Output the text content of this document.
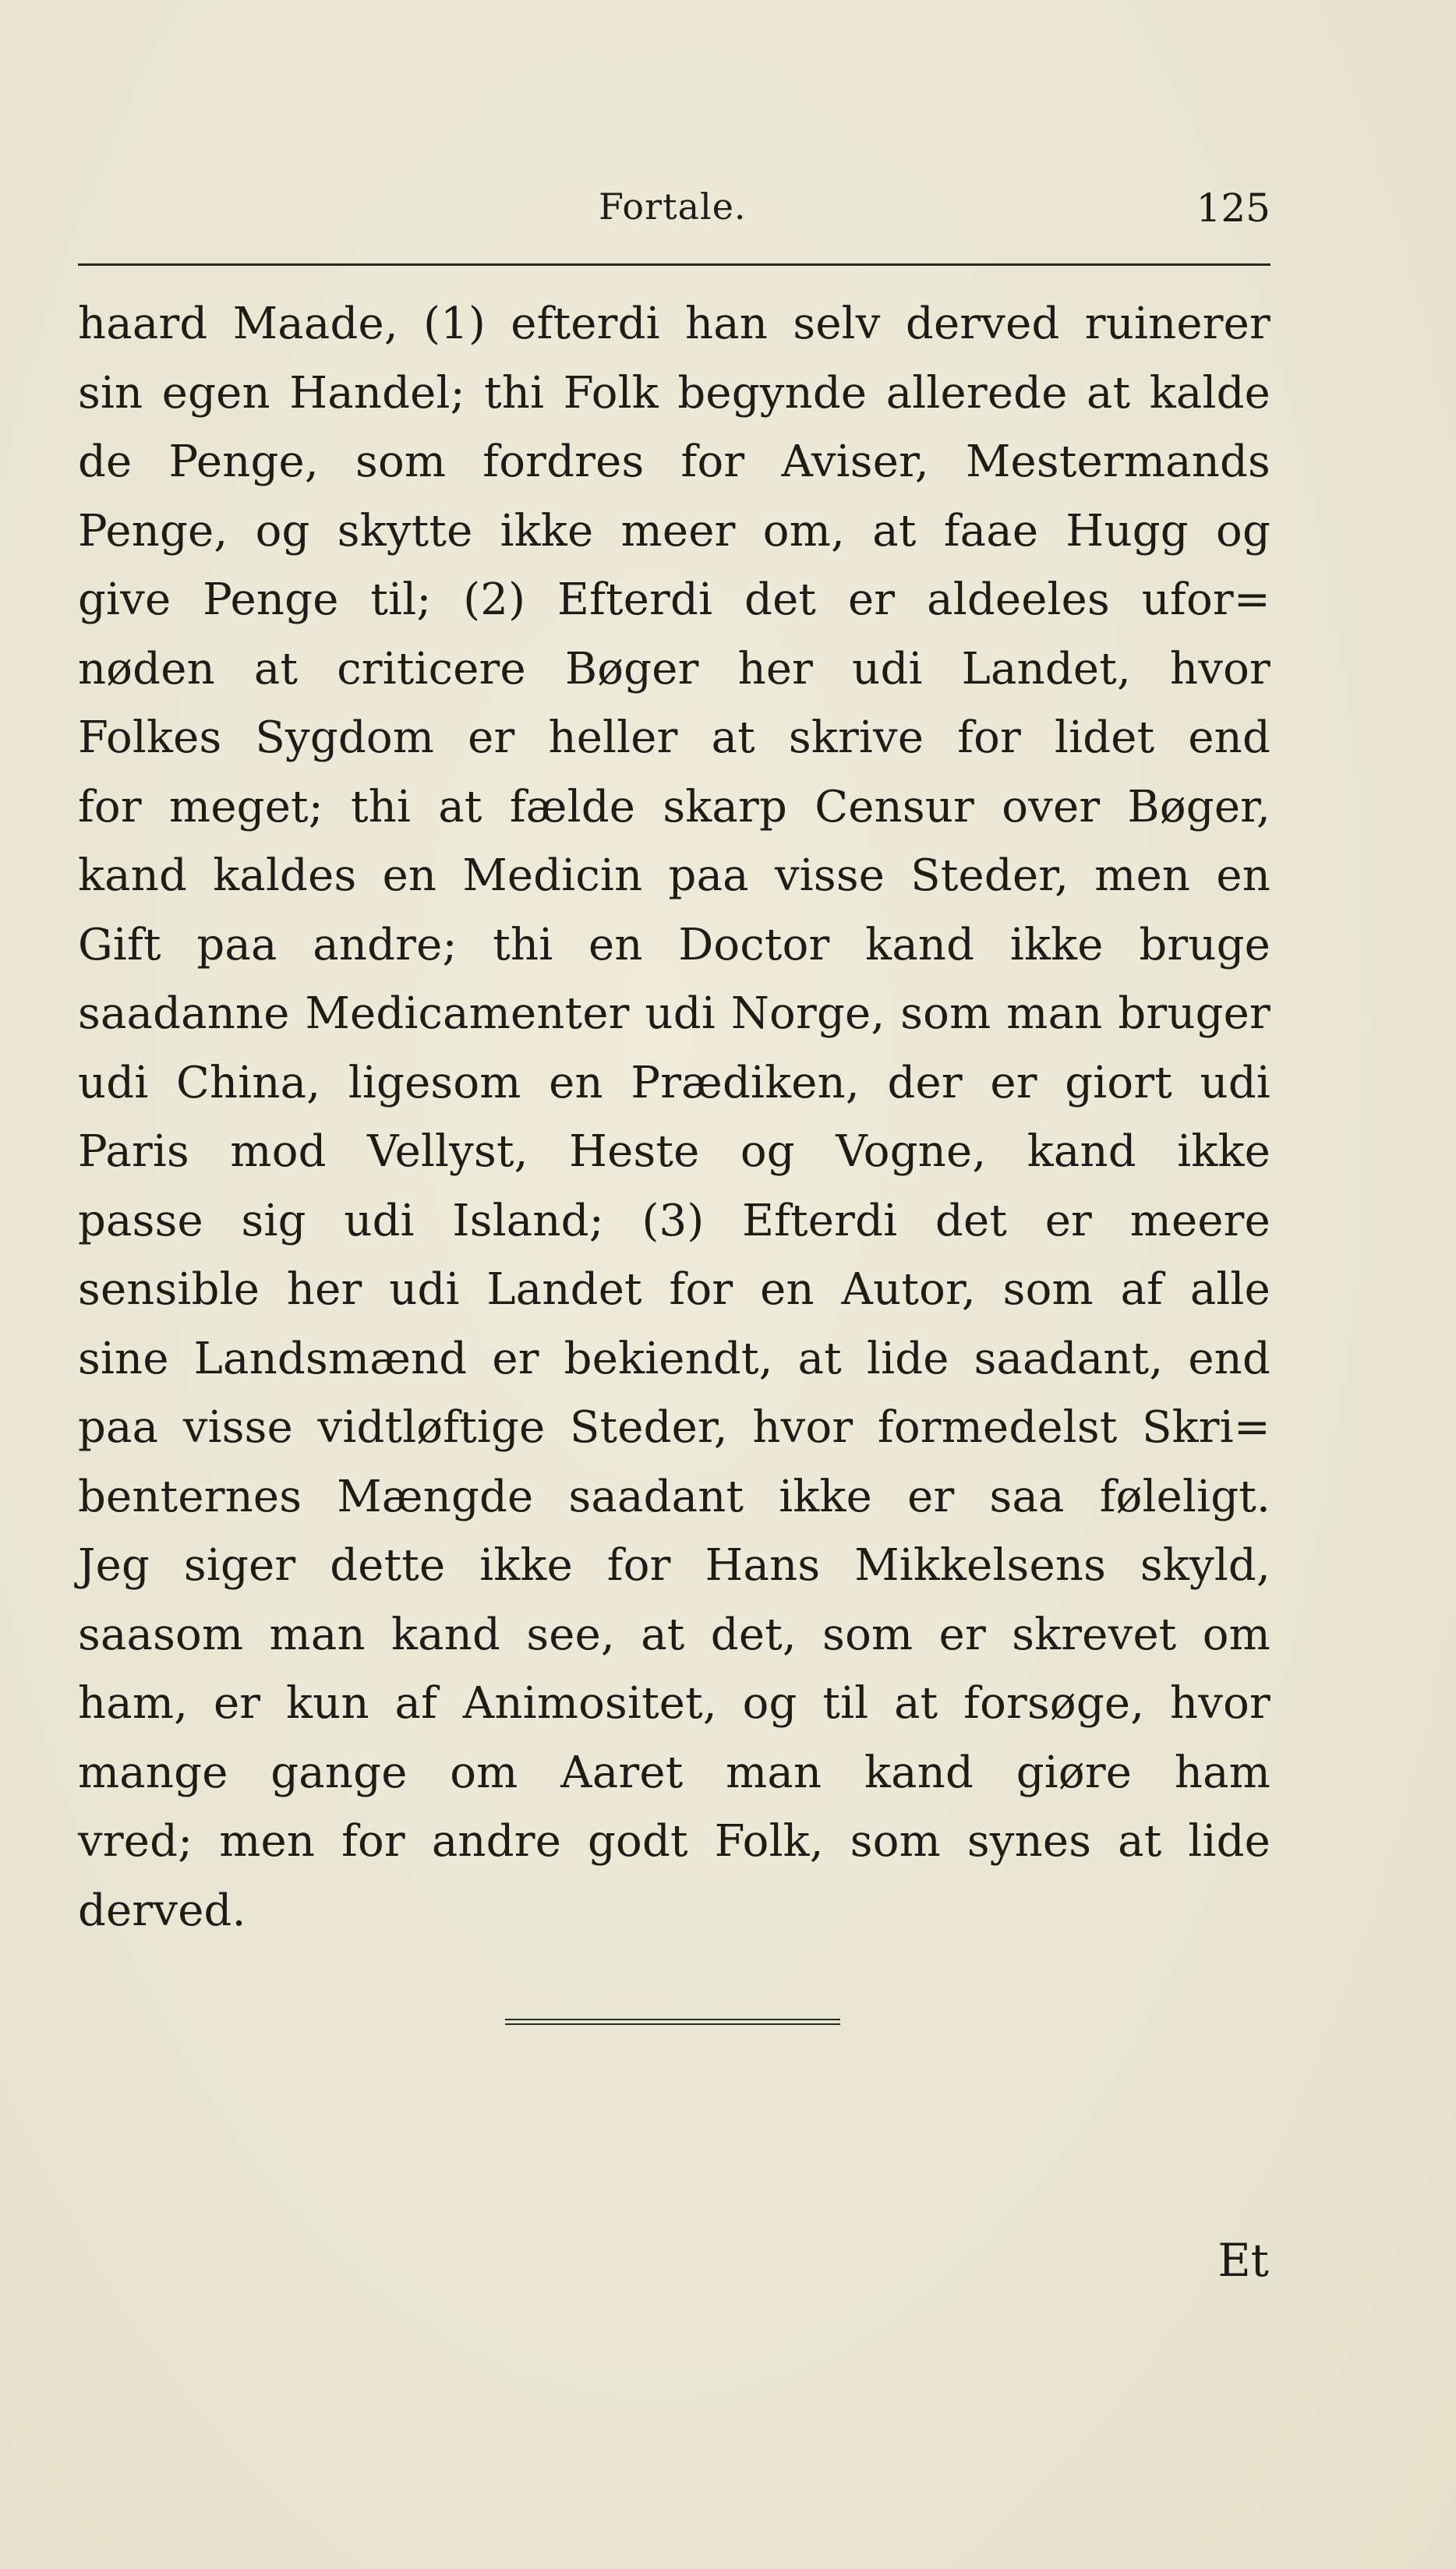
Fortale.	125
haard Maade, (1) efterdi han selv derved ruinerer
sin egen Handel; thi Folk begynde allerede at kalde
de Penge, som fordres for Aviser, Mestermands
Penge, og skytte ikke meer om, at faae Hugg og
give Penge til; (2) Efterdi det er aldeeles ufor=
nøden at criticere Bøger her udi Landet, hvor
Folkes Sygdom er heller at skrive for lidet end
for meget; thi at fælde skarp Censur over Bøger,
kand kaldes en Medicin paa visse Steder, men en
Gift paa andre; thi en Doctor kand ikke bruge
saadanne Medicamenter udi Norge, som man bruger
udi China, ligesom en Prædiken, der er giort udi
Paris mod Vellyst, Heste og Vogne, kand ikke
passe sig udi Island; (3) Efterdi det er meere
sensible her udi Landet for en Autor, som af alle
sine Landsmænd er bekiendt, at lide saadant, end
paa visse vidtløftige Steder, hvor formedelst Skri=
benternes Mængde saadant ikke er saa føleligt.
Jeg siger dette ikke for Hans Mikkelsens skyld,
saasom man kand see, at det, som er skrevet om
ham, er kun af Animositet, og til at forsøge, hvor
mange gange om Aaret man kand giøre ham
vred; men for andre godt Folk, som synes at lide
derved.
Et
